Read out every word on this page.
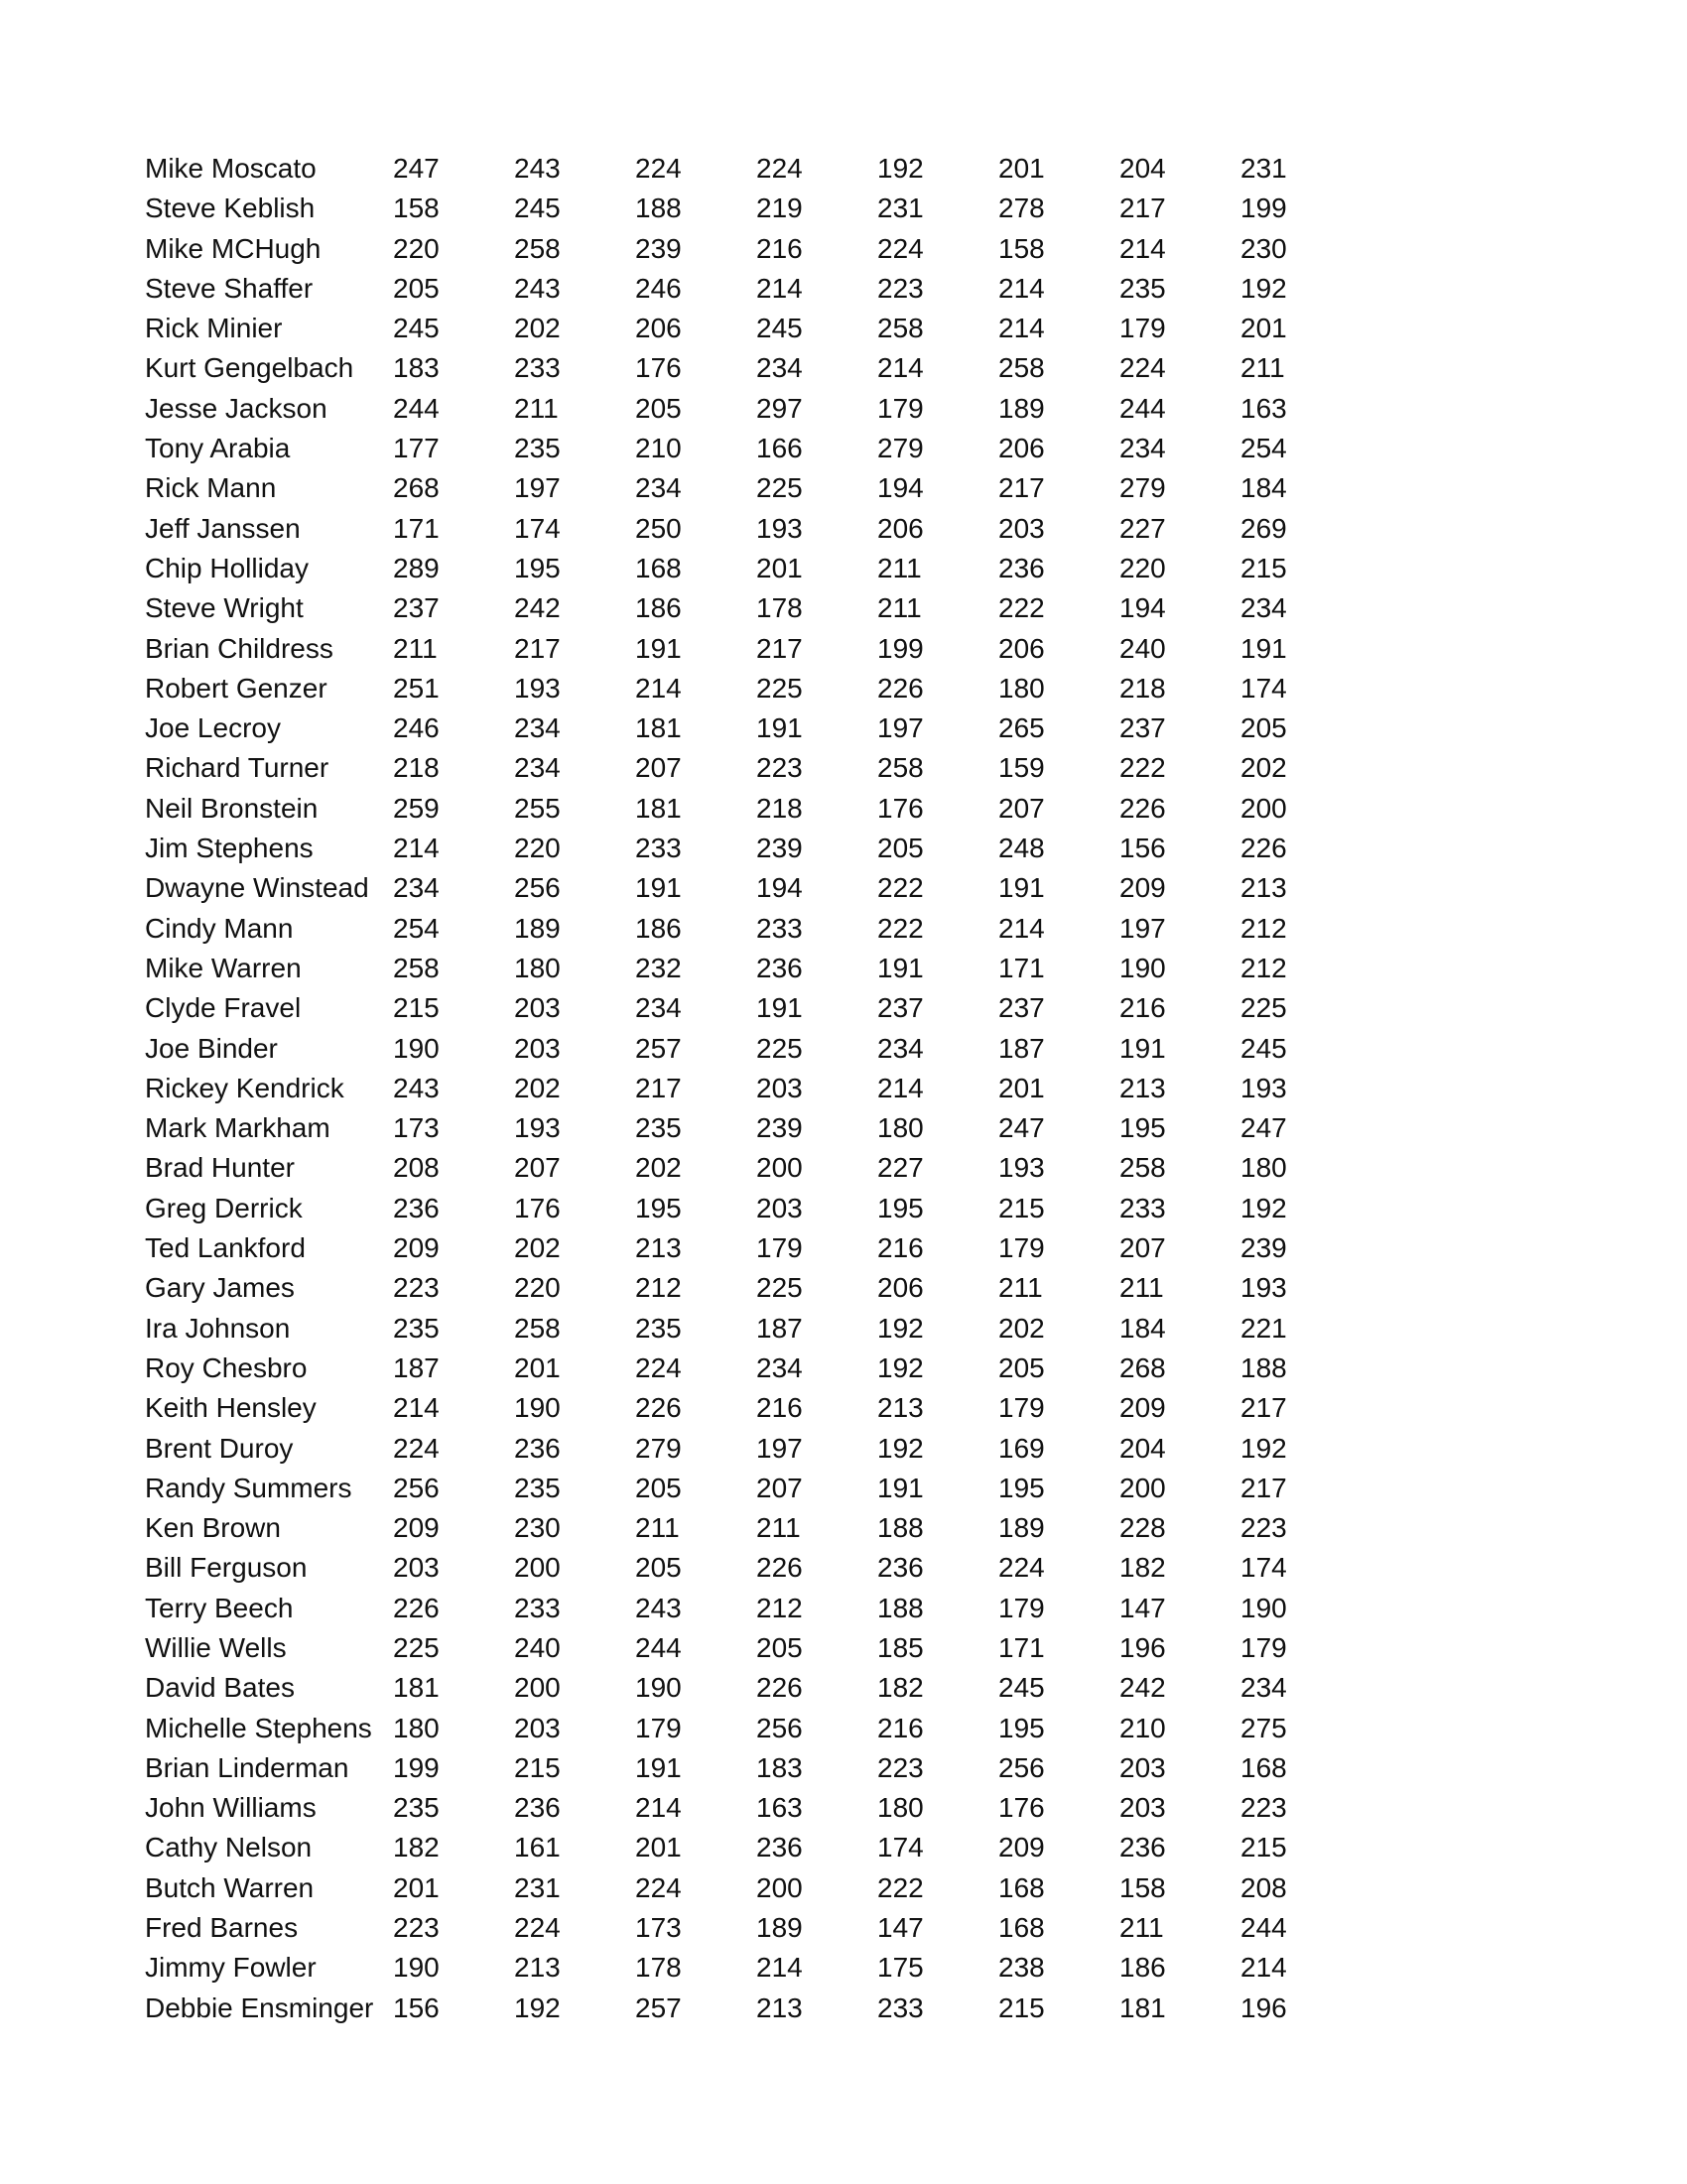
Mike Moscato	247	243	224	224	192	201	204	231
Steve Keblish	158	245	188	219	231	278	217	199
Mike MCHugh	220	258	239	216	224	158	214	230
Steve Shaffer	205	243	246	214	223	214	235	192
Rick Minier	245	202	206	245	258	214	179	201
Kurt Gengelbach	183	233	176	234	214	258	224	211
Jesse Jackson	244	211	205	297	179	189	244	163
Tony Arabia	177	235	210	166	279	206	234	254
Rick Mann	268	197	234	225	194	217	279	184
Jeff Janssen	171	174	250	193	206	203	227	269
Chip Holliday	289	195	168	201	211	236	220	215
Steve Wright	237	242	186	178	211	222	194	234
Brian Childress	211	217	191	217	199	206	240	191
Robert Genzer	251	193	214	225	226	180	218	174
Joe Lecroy	246	234	181	191	197	265	237	205
Richard Turner	218	234	207	223	258	159	222	202
Neil Bronstein	259	255	181	218	176	207	226	200
Jim Stephens	214	220	233	239	205	248	156	226
Dwayne Winstead 234	256	191	194	222	191	209	213
Cindy Mann	254	189	186	233	222	214	197	212
Mike Warren	258	180	232	236	191	171	190	212
Clyde Fravel	215	203	234	191	237	237	216	225
Joe Binder	190	203	257	225	234	187	191	245
Rickey Kendrick	243	202	217	203	214	201	213	193
Mark Markham	173	193	235	239	180	247	195	247
Brad Hunter	208	207	202	200	227	193	258	180
Greg Derrick	236	176	195	203	195	215	233	192
Ted Lankford	209	202	213	179	216	179	207	239
Gary James	223	220	212	225	206	211	211	193
Ira Johnson	235	258	235	187	192	202	184	221
Roy Chesbro	187	201	224	234	192	205	268	188
Keith Hensley	214	190	226	216	213	179	209	217
Brent Duroy	224	236	279	197	192	169	204	192
Randy Summers	256	235	205	207	191	195	200	217
Ken Brown	209	230	211	211	188	189	228	223
Bill Ferguson	203	200	205	226	236	224	182	174
Terry Beech	226	233	243	212	188	179	147	190
Willie Wells	225	240	244	205	185	171	196	179
David Bates	181	200	190	226	182	245	242	234
Michelle Stephens 180	203	179	256	216	195	210	275
Brian Linderman	199	215	191	183	223	256	203	168
John Williams	235	236	214	163	180	176	203	223
Cathy Nelson	182	161	201	236	174	209	236	215
Butch Warren	201	231	224	200	222	168	158	208
Fred Barnes	223	224	173	189	147	168	211	244
Jimmy Fowler	190	213	178	214	175	238	186	214
Debbie Ensminger 156	192	257	213	233	215	181	196
